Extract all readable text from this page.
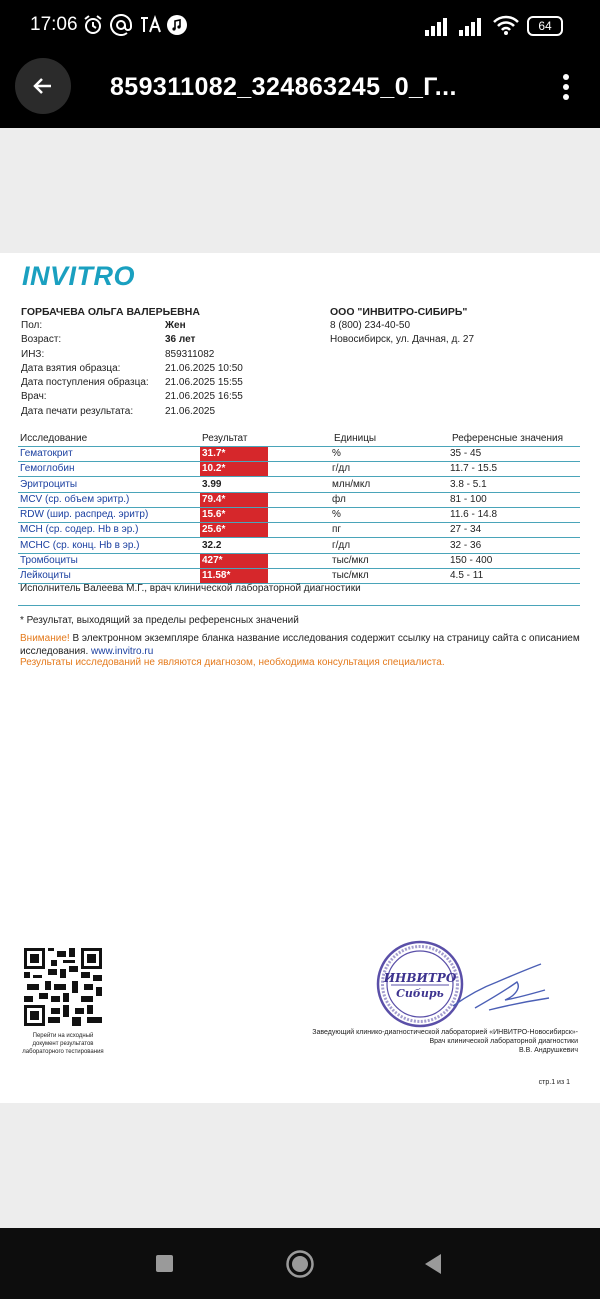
17:06	64
859311082_324863245_0_Г...
INVITRO
ГОРБАЧЕВА ОЛЬГА ВАЛЕРЬЕВНА
Пол:	Жен
Возраст:	36 лет
ИНЗ:	859311082
Дата взятия образца:	21.06.2025 10:50
Дата поступления образца: 21.06.2025 15:55
Врач:	21.06.2025 16:55
Дата печати результата:	21.06.2025
ООО "ИНВИТРО-СИБИРЬ"
8 (800) 234-40-50
Новосибирск, ул. Дачная, д. 27
Исследование	Результат	Единицы	Референсные значения
Гематокрит	31.7*	%	35 - 45
Гемоглобин	10.2*	г/дл	11.7 - 15.5
Эритроциты	3.99	млн/мкл	3.8 - 5.1
MCV (ср. объем эритр.)	79.4*	фл	81 - 100
RDW (шир. распред. эритр)	15.6*	%	11.6 - 14.8
MCH (ср. содер. Hb в эр.)	25.6*	пг	27 - 34
MCHC (ср. конц. Hb в эр.)	32.2	г/дл	32 - 36
Тромбоциты	427*	тыс/мкл	150 - 400
Лейкоциты	11.58*	тыс/мкл	4.5 - 11
Исполнитель Валеева М.Г., врач клинической лабораторной диагностики
* Результат, выходящий за пределы референсных значений
Внимание! В электронном экземпляре бланка название исследования содержит ссылку на страницу сайта с описанием
исследования. www.invitro.ru
Результаты исследований не являются диагнозом, необходима консультация специалиста.
Перейти на исходный
документ результатов
лабораторного тестирования
ИНВИТРО
Сибирь
Заведующий клинико-диагностической лабораторией «ИНВИТРО-Новосибирск»-
Врач клинической лабораторной диагностики
В.В. Андрушкевич
стр.1 из 1
